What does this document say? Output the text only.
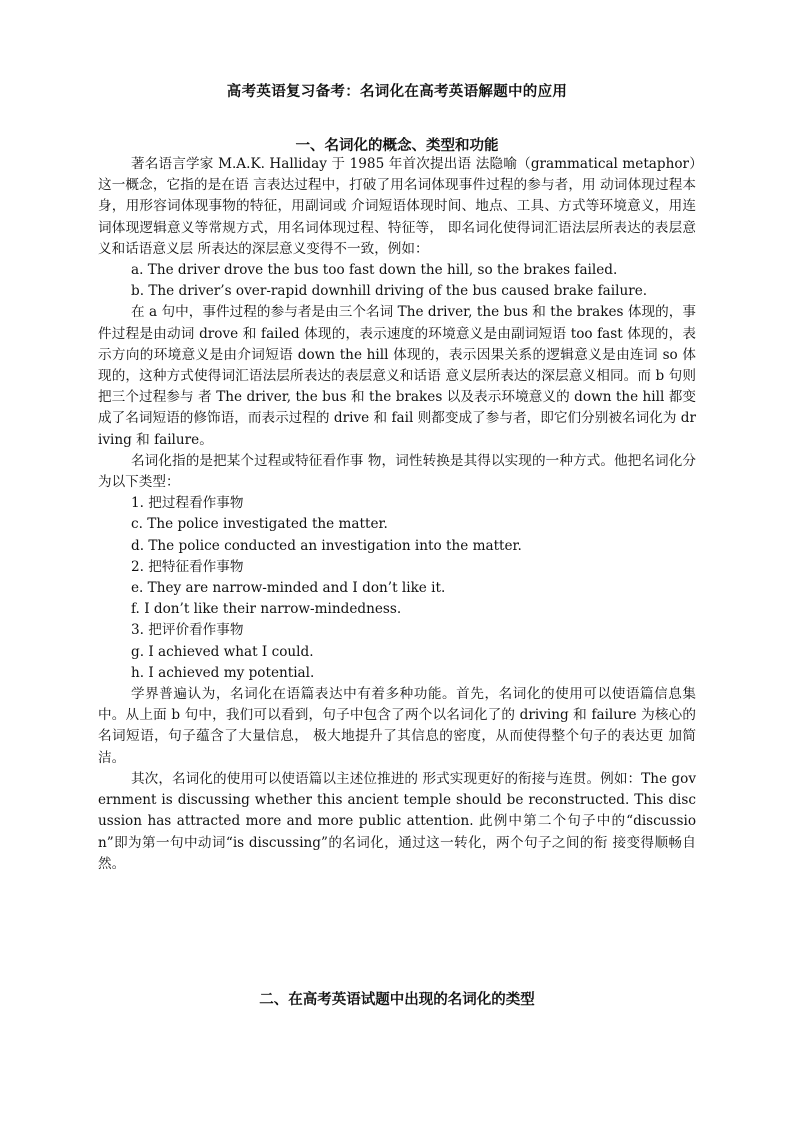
高考英语复习备考：名词化在高考英语解题中的应用
一、名词化的概念、类型和功能

著名语言学家 M.A.K. Halliday 于 1985 年首次提出语 法隐喻（grammatical metaphor）这一概念，它指的是在语 言表达过程中，打破了用名词体现事件过程的参与者，用 动词体现过程本身，用形容词体现事物的特征，用副词或 介词短语体现时间、地点、工具、方式等环境意义，用连 词体现逻辑意义等常规方式，用名词体现过程、特征等， 即名词化使得词汇语法层所表达的表层意义和话语意义层 所表达的深层意义变得不一致，例如：

a. The driver drove the bus too fast down the hill, so the brakes failed.

b. The driver’s over-rapid downhill driving of the bus caused brake failure.

在 a 句中，事件过程的参与者是由三个名词 The driver, the bus 和 the brakes 体现的，事件过程是由动词 drove 和 failed 体现的，表示速度的环境意义是由副词短语 too fast 体现的，表示方向的环境意义是由介词短语 down the hill 体现的，表示因果关系的逻辑意义是由连词 so 体 现的，这种方式使得词汇语法层所表达的表层意义和话语 意义层所表达的深层意义相同。而 b 句则把三个过程参与 者 The driver, the bus 和 the brakes 以及表示环境意义的 down the hill 都变成了名词短语的修饰语，而表示过程的 drive 和 fail 则都变成了参与者，即它们分别被名词化为 driving 和 failure。

名词化指的是把某个过程或特征看作事 物，词性转换是其得以实现的一种方式。他把名词化分为以下类型：

1. 把过程看作事物

c. The police investigated the matter.

d. The police conducted an investigation into the matter.

2. 把特征看作事物

e. They are narrow-minded and I don’t like it.

f. I don’t like their narrow-mindedness.

3. 把评价看作事物

g. I achieved what I could.

h. I achieved my potential.

学界普遍认为，名词化在语篇表达中有着多种功能。首先，名词化的使用可以使语篇信息集中。从上面 b 句中，我们可以看到，句子中包含了两个以名词化了的 driving 和 failure 为核心的名词短语，句子蕴含了大量信息， 极大地提升了其信息的密度，从而使得整个句子的表达更 加简洁。

其次，名词化的使用可以使语篇以主述位推进的 形式实现更好的衔接与连贯。例如：The government is discussing whether this ancient temple should be reconstructed. This discussion has attracted more and more public attention. 此例中第二个句子中的“discussion”即为第一句中动词“is discussing”的名词化，通过这一转化，两个句子之间的衔 接变得顺畅自然。

二、在高考英语试题中出现的名词化的类型
